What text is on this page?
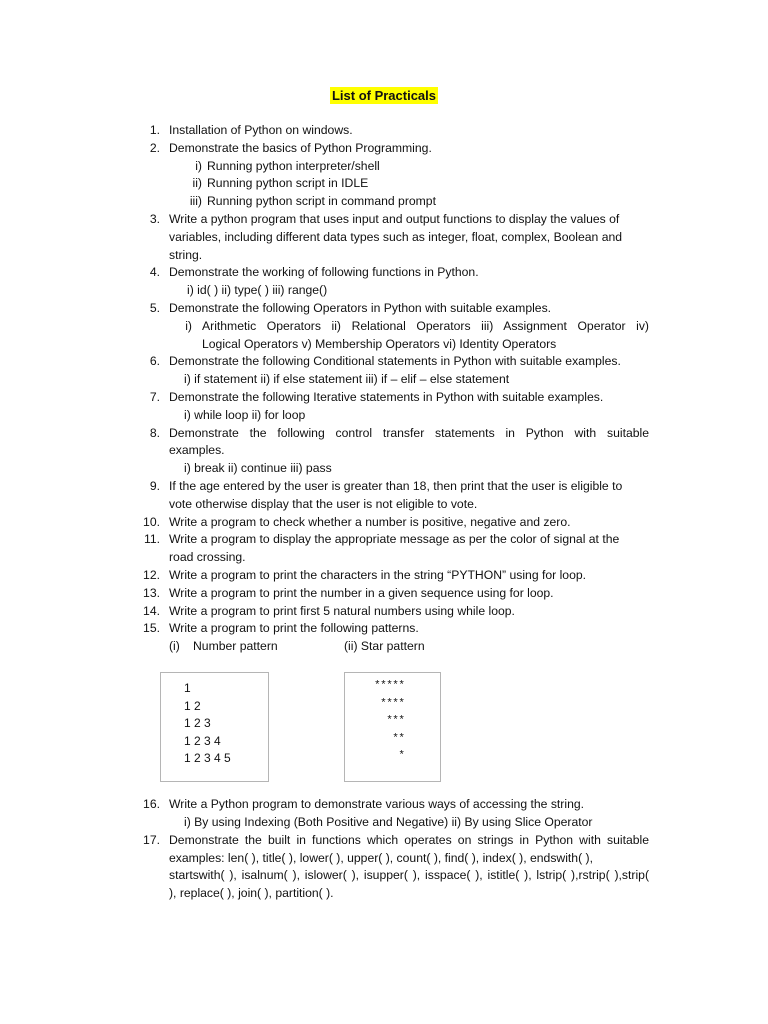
List of Practicals
1. Installation of Python on windows.
2. Demonstrate the basics of Python Programming.
i) Running python interpreter/shell
ii) Running python script in IDLE
iii) Running python script in command prompt
3. Write a python program that uses input and output functions to display the values of
variables, including different data types such as integer, float, complex, Boolean and
string.
4. Demonstrate the working of following functions in Python.
i) id( ) ii) type( ) iii) range()
5. Demonstrate the following Operators in Python with suitable examples.
i) Arithmetic Operators ii) Relational Operators iii) Assignment Operator iv)
Logical Operators v) Membership Operators vi) Identity Operators
6. Demonstrate the following Conditional statements in Python with suitable examples.
i) if statement ii) if else statement iii) if – elif – else statement
7. Demonstrate the following Iterative statements in Python with suitable examples.
i) while loop ii) for loop
8. Demonstrate the following control transfer statements in Python with suitable
examples.
i) break ii) continue iii) pass
9. If the age entered by the user is greater than 18, then print that the user is eligible to
vote otherwise display that the user is not eligible to vote.
10. Write a program to check whether a number is positive, negative and zero.
11. Write a program to display the appropriate message as per the color of signal at the
road crossing.
12. Write a program to print the characters in the string “PYTHON” using for loop.
13. Write a program to print the number in a given sequence using for loop.
14. Write a program to print first 5 natural numbers using while loop.
15. Write a program to print the following patterns.
(i) Number pattern	(ii) Star pattern
16. Write a Python program to demonstrate various ways of accessing the string.
i) By using Indexing (Both Positive and Negative) ii) By using Slice Operator
17. Demonstrate the built in functions which operates on strings in Python with suitable
examples: len( ), title( ), lower( ), upper( ), count( ), find( ), index( ), endswith( ),
startswith( ), isalnum( ), islower( ), isupper( ), isspace( ), istitle( ), lstrip( ),rstrip( ),strip(
), replace( ), join( ), partition( ).
1
1 2
1 2 3
1 2 3 4
1 2 3 4 5
*****
****
***
**
*
